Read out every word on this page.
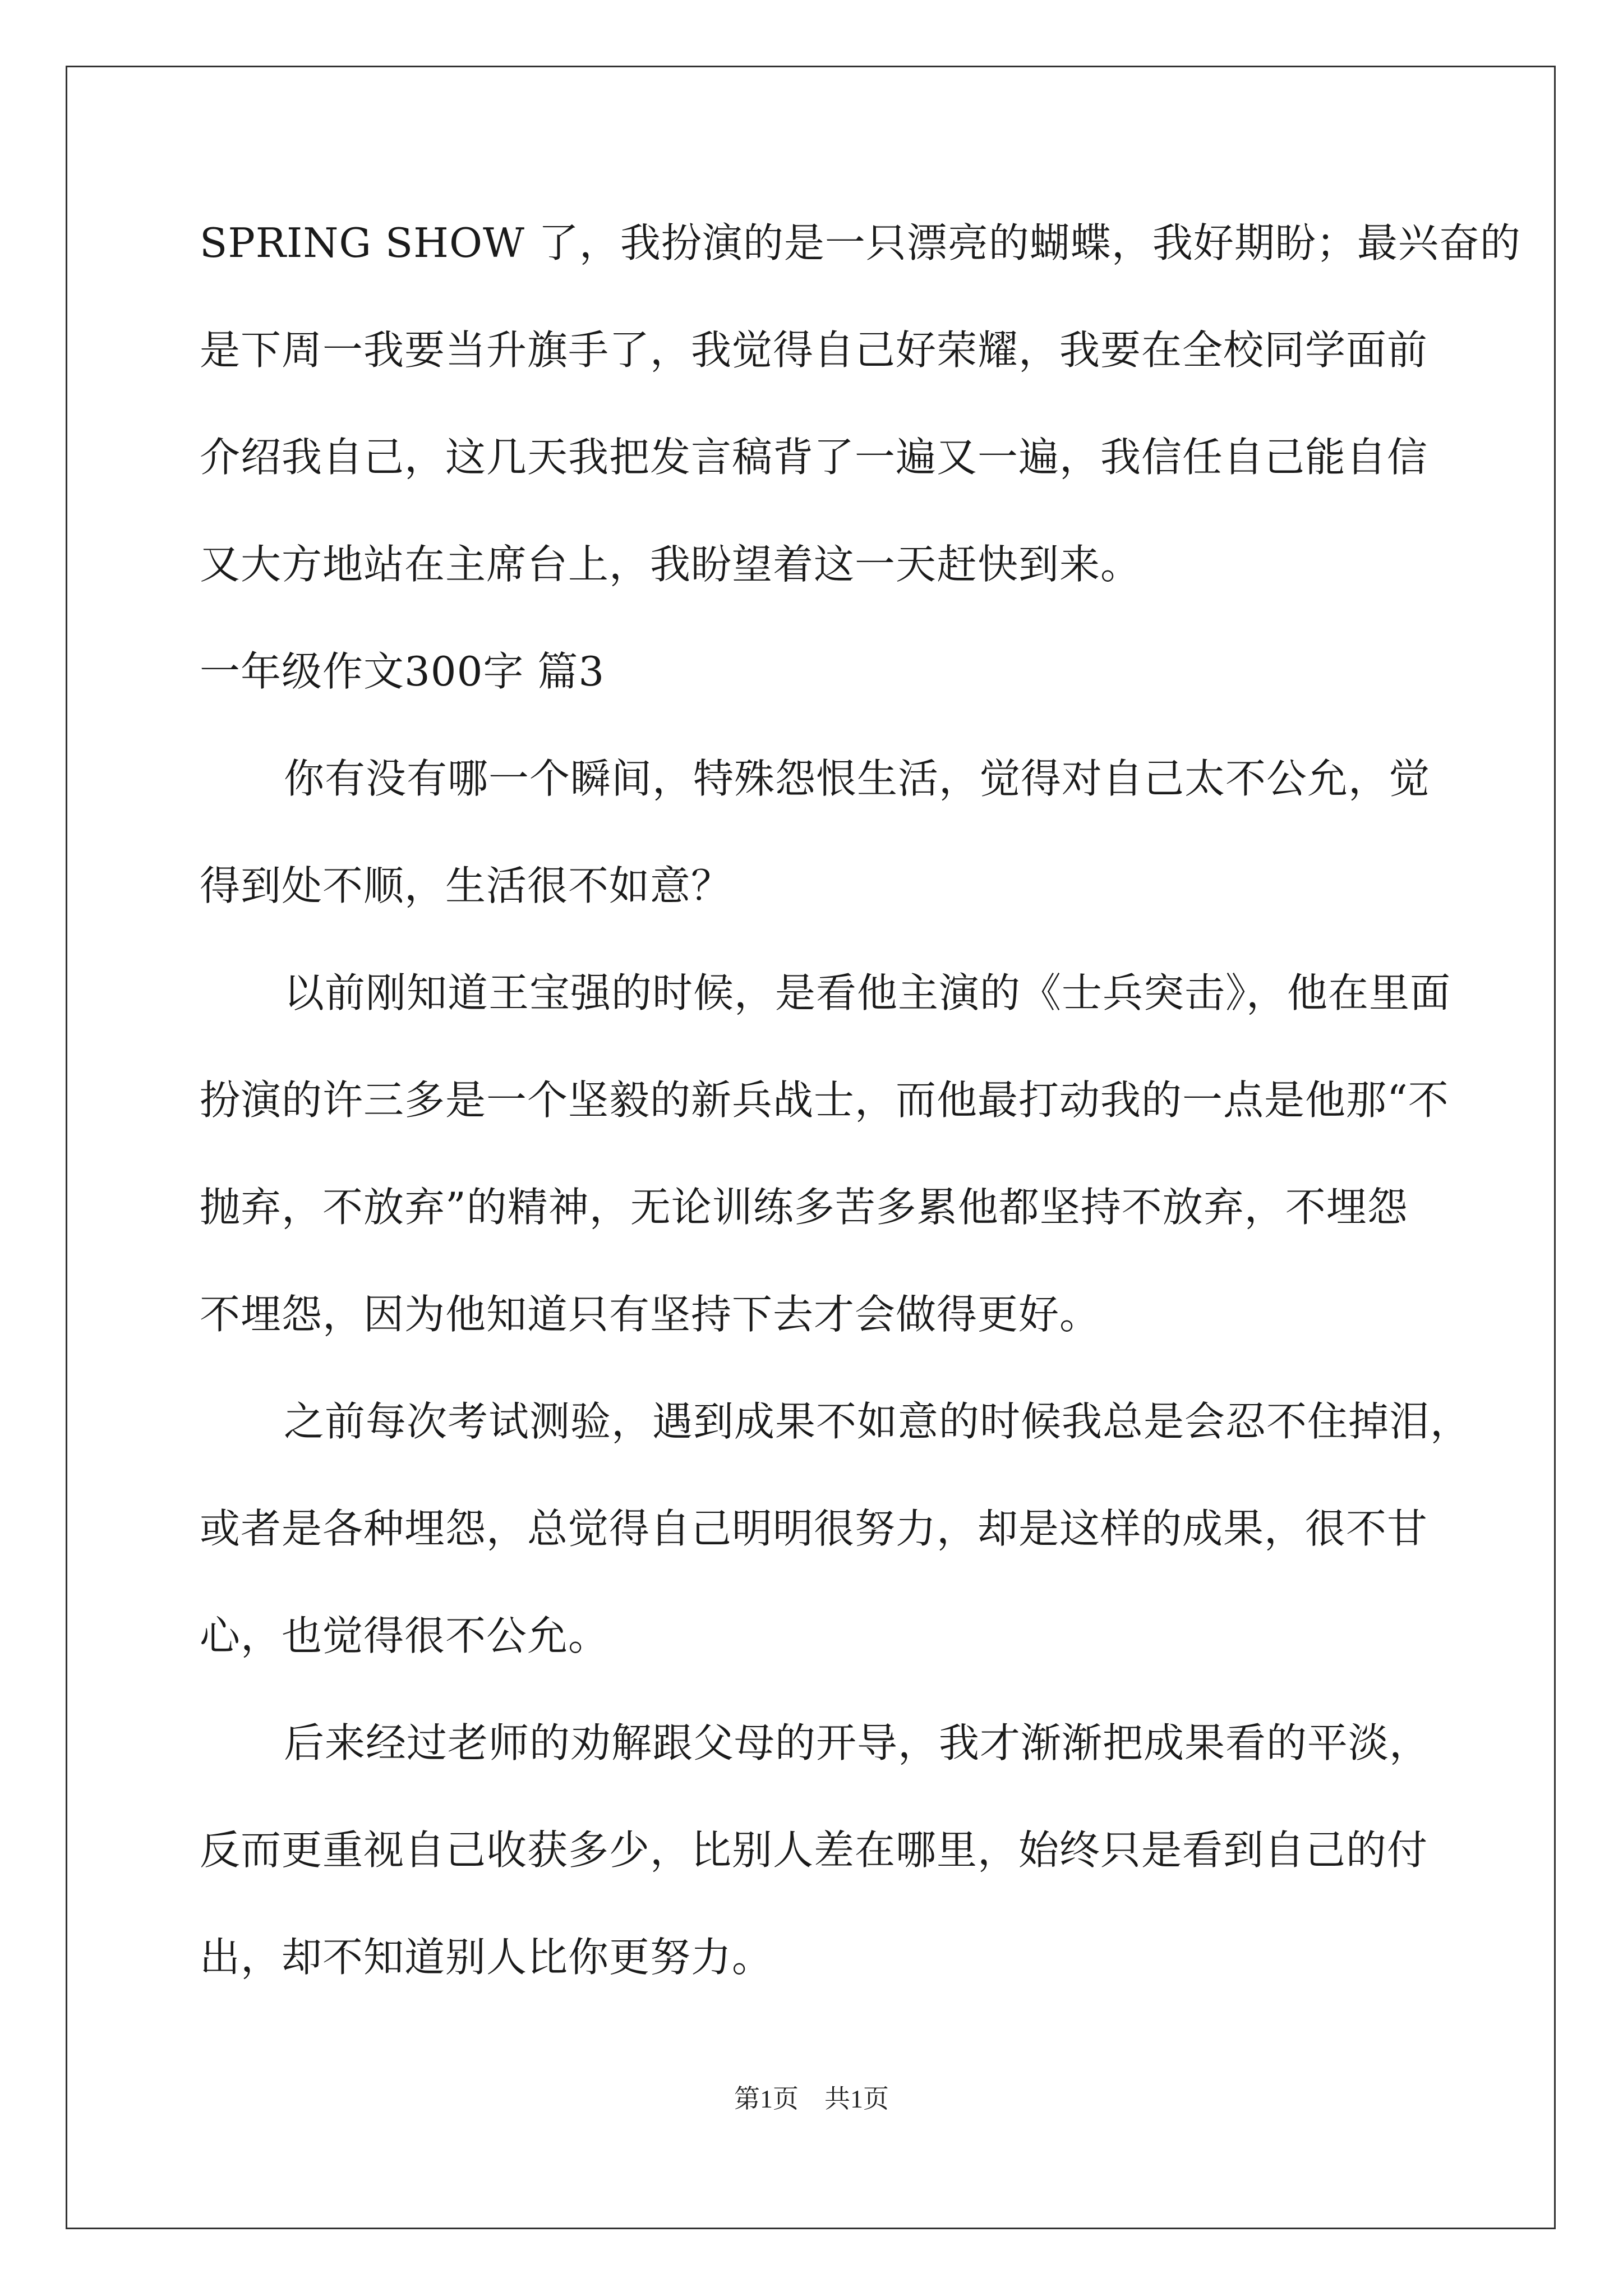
SPRING SHOW 了，我扮演的是一只漂亮的蝴蝶，我好期盼；最兴奋的
是下周一我要当升旗手了，我觉得自己好荣耀，我要在全校同学面前
介绍我自己，这几天我把发言稿背了一遍又一遍，我信任自己能自信
又大方地站在主席台上，我盼望着这一天赶快到来。
一年级作文300字 篇3
你有没有哪一个瞬间，特殊怨恨生活，觉得对自己太不公允，觉
得到处不顺，生活很不如意？
以前刚知道王宝强的时候，是看他主演的《士兵突击》，他在里面
扮演的许三多是一个坚毅的新兵战士，而他最打动我的一点是他那“不
抛弃，不放弃”的精神，无论训练多苦多累他都坚持不放弃，不埋怨
不埋怨，因为他知道只有坚持下去才会做得更好。
之前每次考试测验，遇到成果不如意的时候我总是会忍不住掉泪，
或者是各种埋怨，总觉得自己明明很努力，却是这样的成果，很不甘
心，也觉得很不公允。
后来经过老师的劝解跟父母的开导，我才渐渐把成果看的平淡，
反而更重视自己收获多少，比别人差在哪里，始终只是看到自己的付
出，却不知道别人比你更努力。
第1页　共1页
